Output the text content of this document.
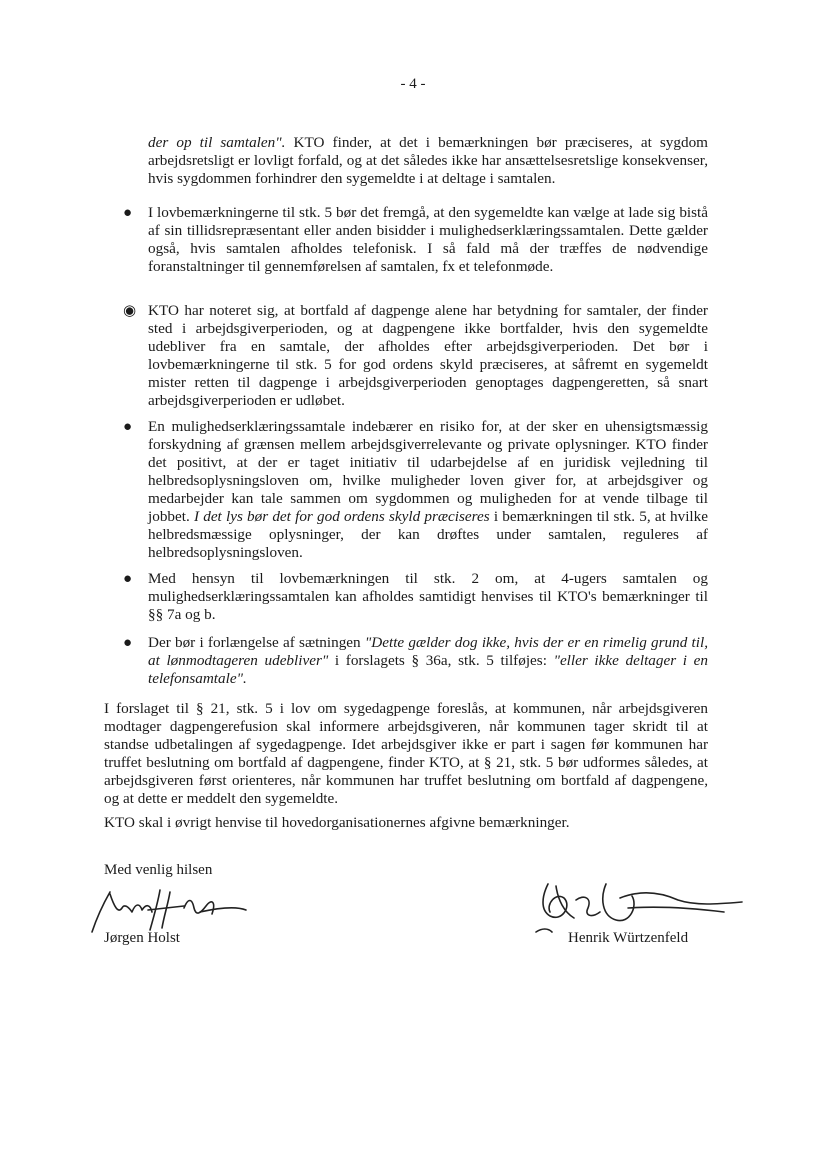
- 4 -
der op til samtalen". KTO finder, at det i bemærkningen bør præciseres, at sygdom arbejdsretsligt er lovligt forfald, og at det således ikke har ansættelsesretslige konsekvenser, hvis sygdommen forhindrer den sygemeldte i at deltage i samtalen.
● I lovbemærkningerne til stk. 5 bør det fremgå, at den sygemeldte kan vælge at lade sig bistå af sin tillidsrepræsentant eller anden bisidder i mulighedserklæringssamtalen. Dette gælder også, hvis samtalen afholdes telefonisk. I så fald må der træffes de nødvendige foranstaltninger til gennemførelsen af samtalen, fx et telefonmøde.
◉ KTO har noteret sig, at bortfald af dagpenge alene har betydning for samtaler, der finder sted i arbejdsgiverperioden, og at dagpengene ikke bortfalder, hvis den sygemeldte udebliver fra en samtale, der afholdes efter arbejdsgiverperioden. Det bør i lovbemærkningerne til stk. 5 for god ordens skyld præciseres, at såfremt en sygemeldt mister retten til dagpenge i arbejdsgiverperioden genoptages dagpengeretten, så snart arbejdsgiverperioden er udløbet.
● En mulighedserklæringssamtale indebærer en risiko for, at der sker en uhensigtsmæssig forskydning af grænsen mellem arbejdsgiverrelevante og private oplysninger. KTO finder det positivt, at der er taget initiativ til udarbejdelse af en juridisk vejledning til helbredsoplysningsloven om, hvilke muligheder loven giver for, at arbejdsgiver og medarbejder kan tale sammen om sygdommen og muligheden for at vende tilbage til jobbet. I det lys bør det for god ordens skyld præciseres i bemærkningen til stk. 5, at hvilke helbredsmæssige oplysninger, der kan drøftes under samtalen, reguleres af helbredsoplysningsloven.
● Med hensyn til lovbemærkningen til stk. 2 om, at 4-ugers samtalen og mulighedserklæringssamtalen kan afholdes samtidigt henvises til KTO's bemærkninger til §§ 7a og b.
● Der bør i forlængelse af sætningen "Dette gælder dog ikke, hvis der er en rimelig grund til, at lønmodtageren udebliver" i forslagets § 36a, stk. 5 tilføjes: "eller ikke deltager i en telefonsamtale".
I forslaget til § 21, stk. 5 i lov om sygedagpenge foreslås, at kommunen, når arbejdsgiveren modtager dagpengerefusion skal informere arbejdsgiveren, når kommunen tager skridt til at standse udbetalingen af sygedagpenge. Idet arbejdsgiver ikke er part i sagen før kommunen har truffet beslutning om bortfald af dagpengene, finder KTO, at § 21, stk. 5 bør udformes således, at arbejdsgiveren først orienteres, når kommunen har truffet beslutning om bortfald af dagpengene, og at dette er meddelt den sygemeldte.
KTO skal i øvrigt henvise til hovedorganisationernes afgivne bemærkninger.
Med venlig hilsen
Jørgen Holst	Henrik Würtzenfeld
